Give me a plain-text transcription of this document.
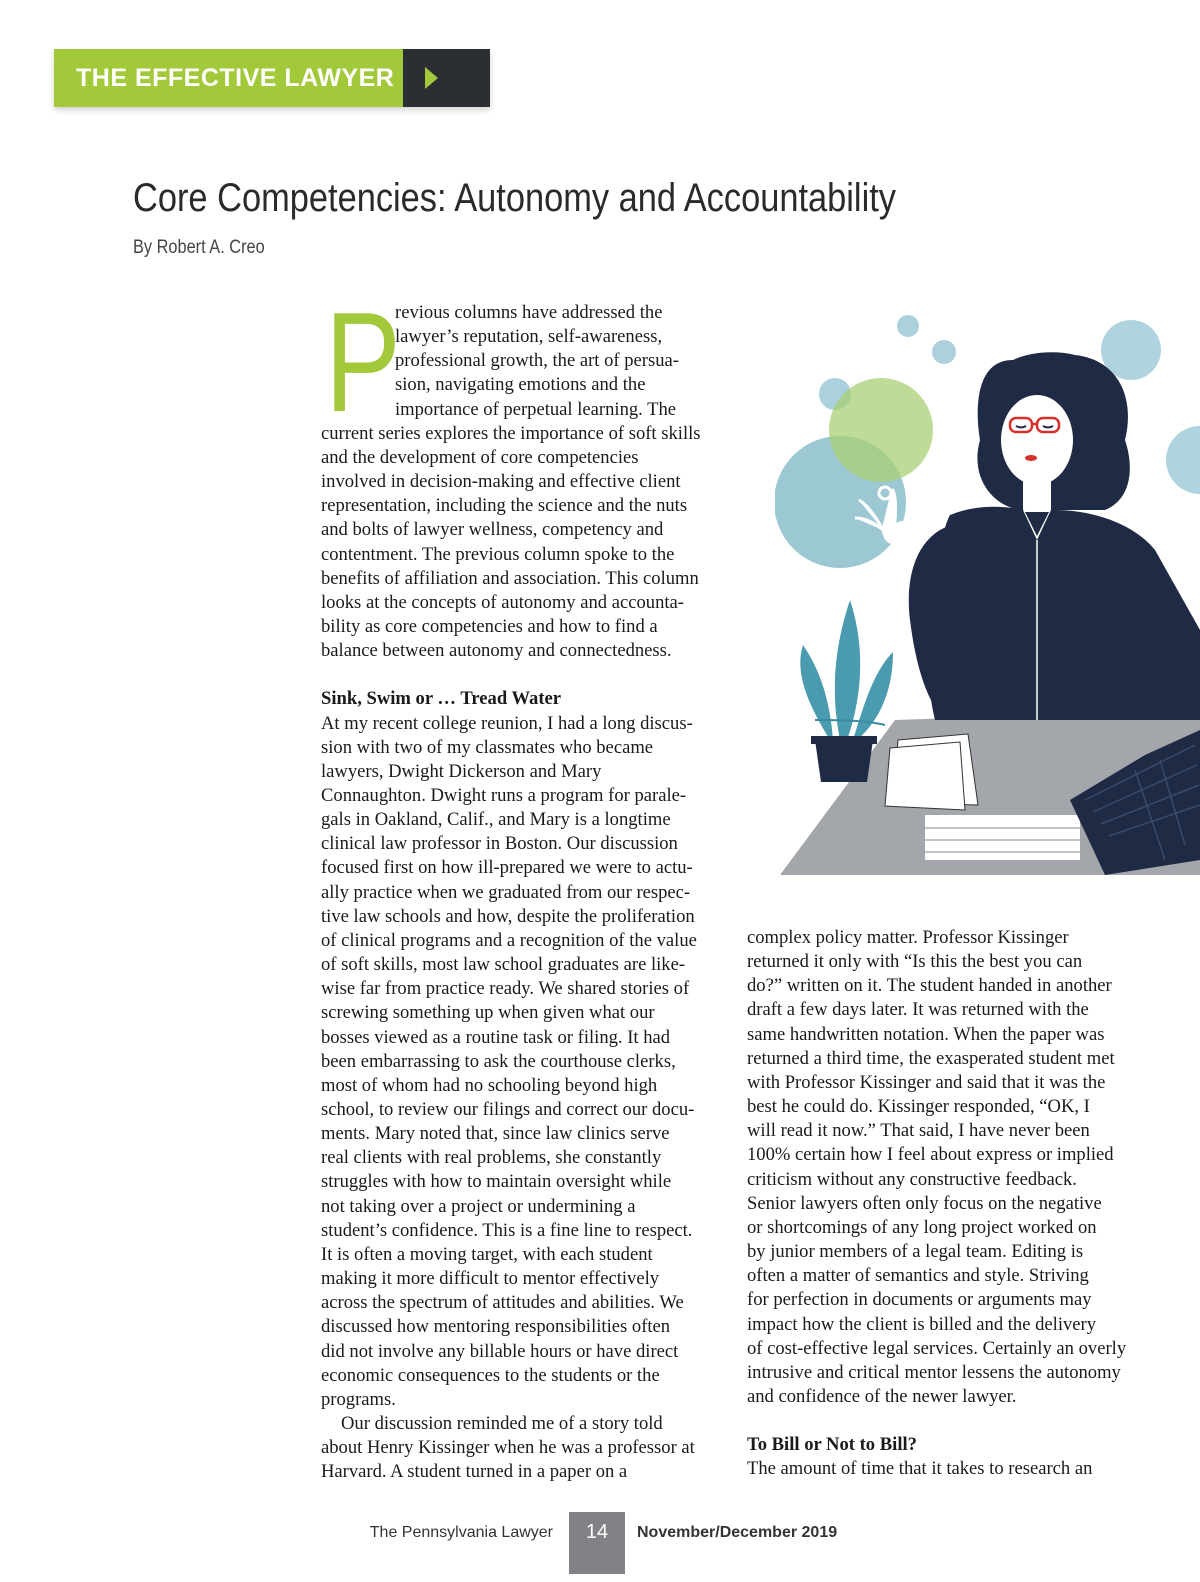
THE EFFECTIVE LAWYER
Core Competencies: Autonomy and Accountability
By Robert A. Creo
P
revious columns have addressed the
lawyer’s reputation, self-awareness,
professional growth, the art of persua-
sion, navigating emotions and the
importance of perpetual learning. The
current series explores the importance of soft skills
and the development of core competencies
involved in decision-making and effective client
representation, including the science and the nuts
and bolts of lawyer wellness, competency and
contentment. The previous column spoke to the
benefits of affiliation and association. This column
looks at the concepts of autonomy and accounta-
bility as core competencies and how to find a
balance between autonomy and connectedness.
Sink, Swim or … Tread Water
At my recent college reunion, I had a long discus-
sion with two of my classmates who became
lawyers, Dwight Dickerson and Mary
Connaughton. Dwight runs a program for parale-
gals in Oakland, Calif., and Mary is a longtime
clinical law professor in Boston. Our discussion
focused first on how ill-prepared we were to actu-
ally practice when we graduated from our respec-
tive law schools and how, despite the proliferation
of clinical programs and a recognition of the value
of soft skills, most law school graduates are like-
wise far from practice ready. We shared stories of
screwing something up when given what our
bosses viewed as a routine task or filing. It had
been embarrassing to ask the courthouse clerks,
most of whom had no schooling beyond high
school, to review our filings and correct our docu-
ments. Mary noted that, since law clinics serve
real clients with real problems, she constantly
struggles with how to maintain oversight while
not taking over a project or undermining a
student’s confidence. This is a fine line to respect.
It is often a moving target, with each student
making it more difficult to mentor effectively
across the spectrum of attitudes and abilities. We
discussed how mentoring responsibilities often
did not involve any billable hours or have direct
economic consequences to the students or the
programs.
Our discussion reminded me of a story told
about Henry Kissinger when he was a professor at
Harvard. A student turned in a paper on a
complex policy matter. Professor Kissinger
returned it only with “Is this the best you can
do?” written on it. The student handed in another
draft a few days later. It was returned with the
same handwritten notation. When the paper was
returned a third time, the exasperated student met
with Professor Kissinger and said that it was the
best he could do. Kissinger responded, “OK, I
will read it now.” That said, I have never been
100% certain how I feel about express or implied
criticism without any constructive feedback.
Senior lawyers often only focus on the negative
or shortcomings of any long project worked on
by junior members of a legal team. Editing is
often a matter of semantics and style. Striving
for perfection in documents or arguments may
impact how the client is billed and the delivery
of cost-effective legal services. Certainly an overly
intrusive and critical mentor lessens the autonomy
and confidence of the newer lawyer.
To Bill or Not to Bill?
The amount of time that it takes to research an
The Pennsylvania Lawyer	14	November/December 2019
